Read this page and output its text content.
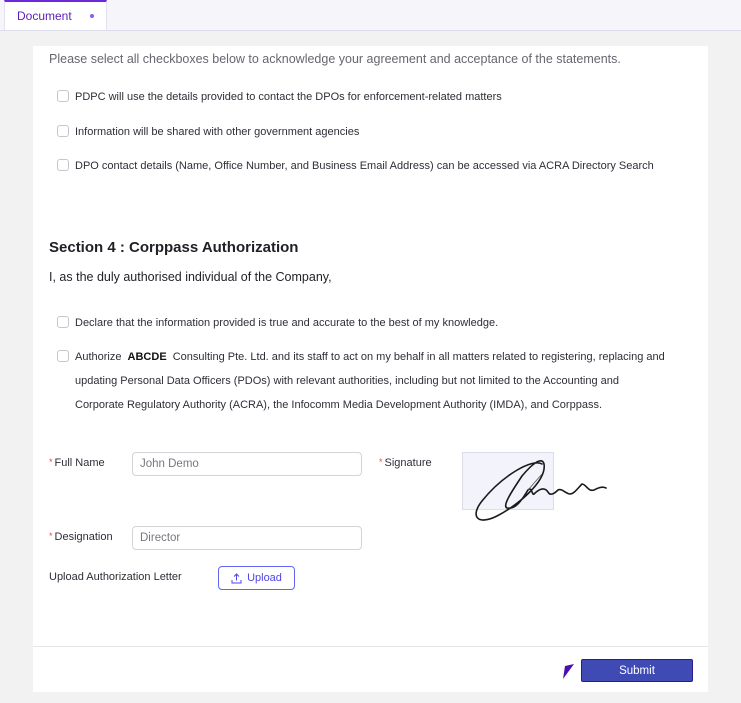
Document
Please select all checkboxes below to acknowledge your agreement and acceptance of the statements.
PDPC will use the details provided to contact the DPOs for enforcement-related matters
Information will be shared with other government agencies
DPO contact details (Name, Office Number, and Business Email Address) can be accessed via ACRA Directory Search
Section 4 : Corppass Authorization
I, as the duly authorised individual of the Company,
Declare that the information provided is true and accurate to the best of my knowledge.
Authorize ABCDE Consulting Pte. Ltd. and its staff to act on my behalf in all matters related to registering, replacing and
updating Personal Data Officers (PDOs) with relevant authorities, including but not limited to the Accounting and
Corporate Regulatory Authority (ACRA), the Infocomm Media Development Authority (IMDA), and Corppass.
* Full Name	John Demo	* Signature
* Designation Director
Upload Authorization Letter	Upload
Submit
